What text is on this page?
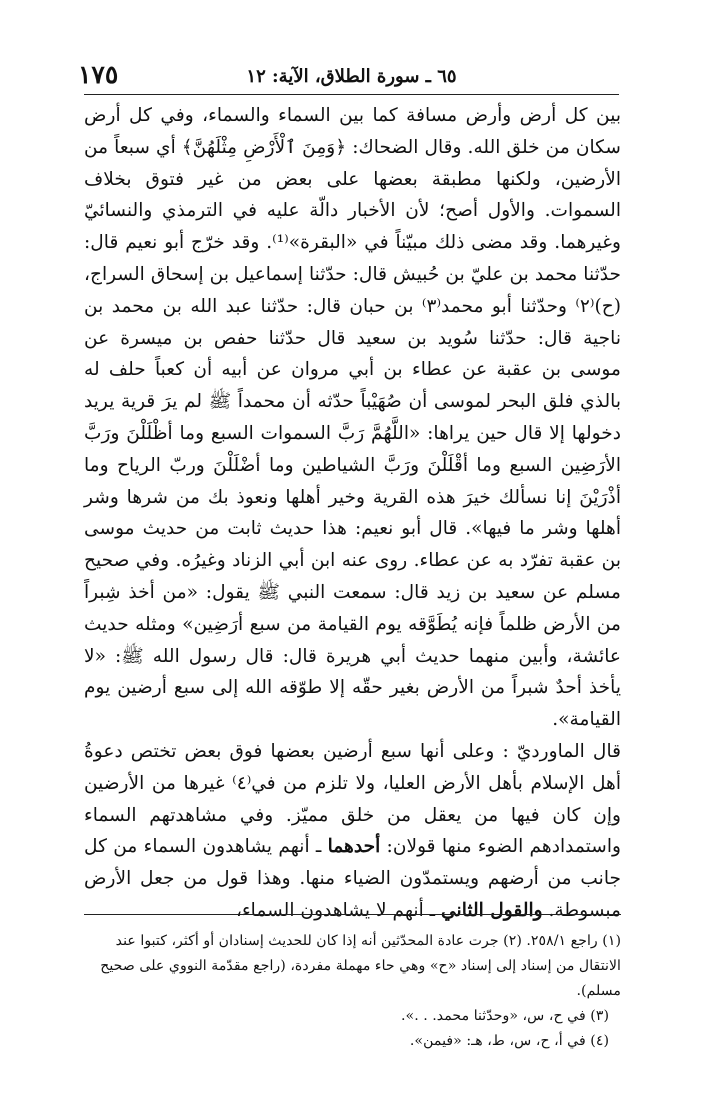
١٧٥	٦٥ ـ سورة الطلاق، الآية: ١٢

بين كل أرض وأرض مسافة كما بين السماء والسماء، وفي كل أرض سكان من خلق الله. وقال الضحاك: ﴿وَمِنَ ٱلْأَرْضِ مِثْلَهُنَّ﴾ أي سبعاً من الأرضين، ولكنها مطبقة بعضها على بعض من غير فتوق بخلاف السموات. والأول أصح؛ لأن الأخبار دالّة عليه في الترمذي والنسائيّ وغيرهما. وقد مضى ذلك مبيّناً في «البقرة»⁽¹⁾. وقد خرّج أبو نعيم قال: حدّثنا محمد بن عليّ بن حُبيش قال: حدّثنا إسماعيل بن إسحاق السراج، (ح)⁽٢⁾ وحدّثنا أبو محمد⁽٣⁾ بن حبان قال: حدّثنا عبد الله بن محمد بن ناجية قال: حدّثنا سُويد بن سعيد قال حدّثنا حفص بن ميسرة عن موسى بن عقبة عن عطاء بن أبي مروان عن أبيه أن كعباً حلف له بالذي فلق البحر لموسى أن صُهَيْباً حدّثه أن محمداً ﷺ لم يرَ قرية يريد دخولها إلا قال حين يراها: «اللَّهُمَّ رَبَّ السموات السبع وما أظْلَلْنَ ورَبَّ الأرَضِين السبع وما أقْلَلْنَ ورَبَّ الشياطين وما أضْلَلْنَ وربّ الرياح وما أذْرَيْنَ إنا نسألك خيرَ هذه القرية وخير أهلها ونعوذ بك من شرها وشر أهلها وشر ما فيها». قال أبو نعيم: هذا حديث ثابت من حديث موسى بن عقبة تفرّد به عن عطاء. روى عنه ابن أبي الزناد وغيرُه. وفي صحيح مسلم عن سعيد بن زيد قال: سمعت النبي ﷺ يقول: «من أخذ شِبراً من الأرض ظلماً فإنه يُطَوَّقه يوم القيامة من سبع أرَضِين» ومثله حديث عائشة، وأبين منهما حديث أبي هريرة قال: قال رسول الله ﷺ: «لا يأخذ أحدٌ شبراً من الأرض بغير حقّه إلا طوّقه الله إلى سبع أرضين يوم القيامة».

قال الماورديّ : وعلى أنها سبع أرضين بعضها فوق بعض تختص دعوةُ أهل الإسلام بأهل الأرض العليا، ولا تلزم من في⁽٤⁾ غيرها من الأرضين وإن كان فيها من يعقل من خلق مميّز. وفي مشاهدتهم السماء واستمدادهم الضوء منها قولان: أحدهما ـ أنهم يشاهدون السماء من كل جانب من أرضهم ويستمدّون الضياء منها. وهذا قول من جعل الأرض مبسوطة. والقول الثاني ـ أنهم لا يشاهدون السماء،

(١) راجع ٢٥٨/١. (٢) جرت عادة المحدّثين أنه إذا كان للحديث إسنادان أو أكثر، كتبوا عند الانتقال من إسناد إلى إسناد «ح» وهي حاء مهملة مفردة، (راجع مقدّمة النووي على صحيح مسلم).

(٣) في ح، س، «وحدّثنا محمد. . .».

(٤) في أ، ح، س، ط، هـ: «فيمن».
